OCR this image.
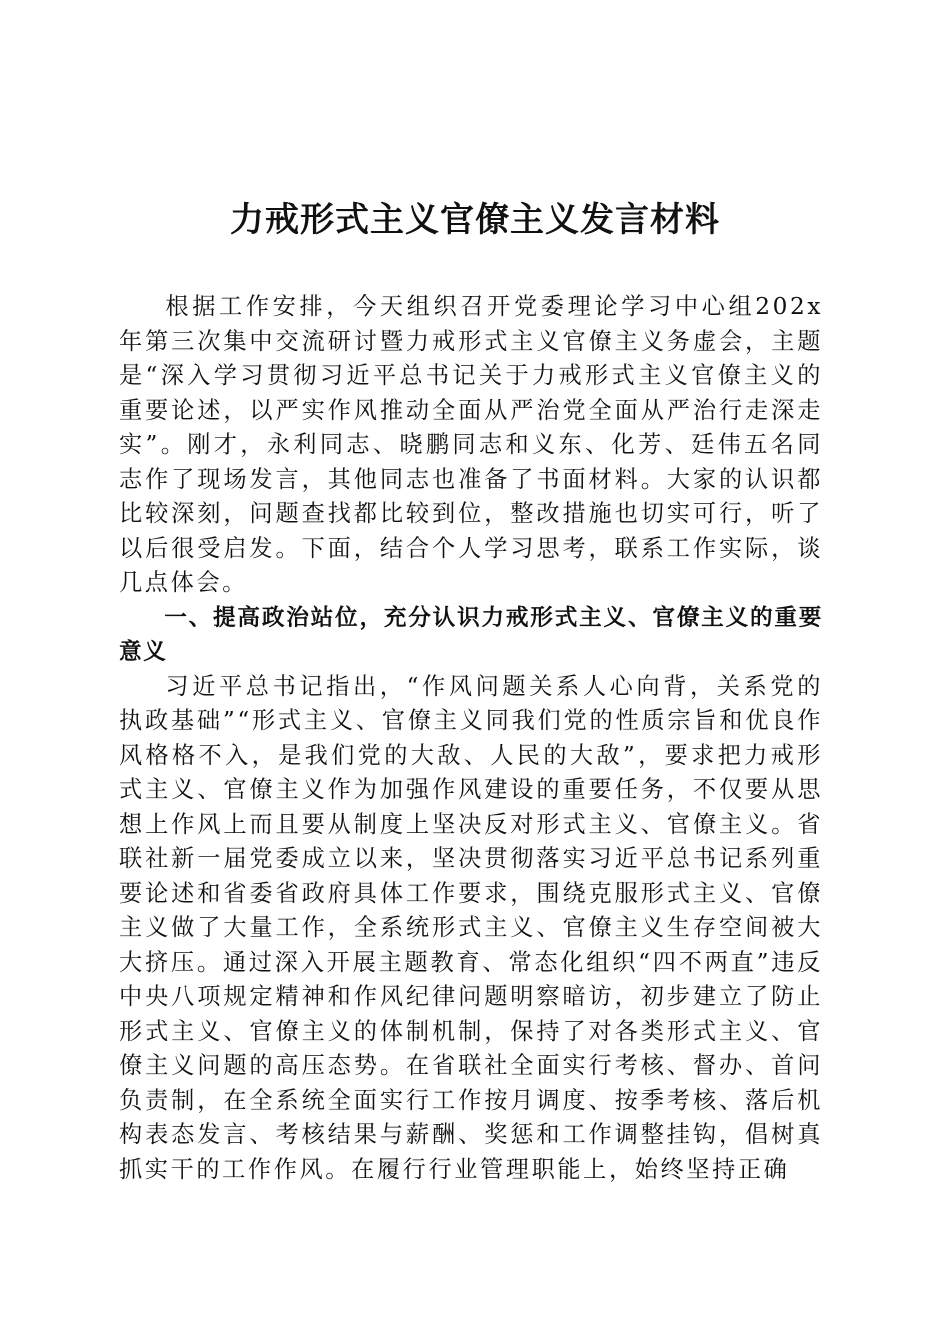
力戒形式主义官僚主义发言材料

根据工作安排，今天组织召开党委理论学习中心组202x年第三次集中交流研讨暨力戒形式主义官僚主义务虚会，主题是“深入学习贯彻习近平总书记关于力戒形式主义官僚主义的重要论述，以严实作风推动全面从严治党全面从严治行走深走实”。刚才，永利同志、晓鹏同志和义东、化芳、廷伟五名同志作了现场发言，其他同志也准备了书面材料。大家的认识都比较深刻，问题查找都比较到位，整改措施也切实可行，听了以后很受启发。下面，结合个人学习思考，联系工作实际，谈几点体会。

一、提高政治站位，充分认识力戒形式主义、官僚主义的重要意义

习近平总书记指出，“作风问题关系人心向背，关系党的执政基础”“形式主义、官僚主义同我们党的性质宗旨和优良作风格格不入，是我们党的大敌、人民的大敌”，要求把力戒形式主义、官僚主义作为加强作风建设的重要任务，不仅要从思想上作风上而且要从制度上坚决反对形式主义、官僚主义。省联社新一届党委成立以来，坚决贯彻落实习近平总书记系列重要论述和省委省政府具体工作要求，围绕克服形式主义、官僚主义做了大量工作，全系统形式主义、官僚主义生存空间被大大挤压。通过深入开展主题教育、常态化组织“四不两直”违反中央八项规定精神和作风纪律问题明察暗访，初步建立了防止形式主义、官僚主义的体制机制，保持了对各类形式主义、官僚主义问题的高压态势。在省联社全面实行考核、督办、首问负责制，在全系统全面实行工作按月调度、按季考核、落后机构表态发言、考核结果与薪酬、奖惩和工作调整挂钩，倡树真抓实干的工作作风。在履行行业管理职能上，始终坚持正确
